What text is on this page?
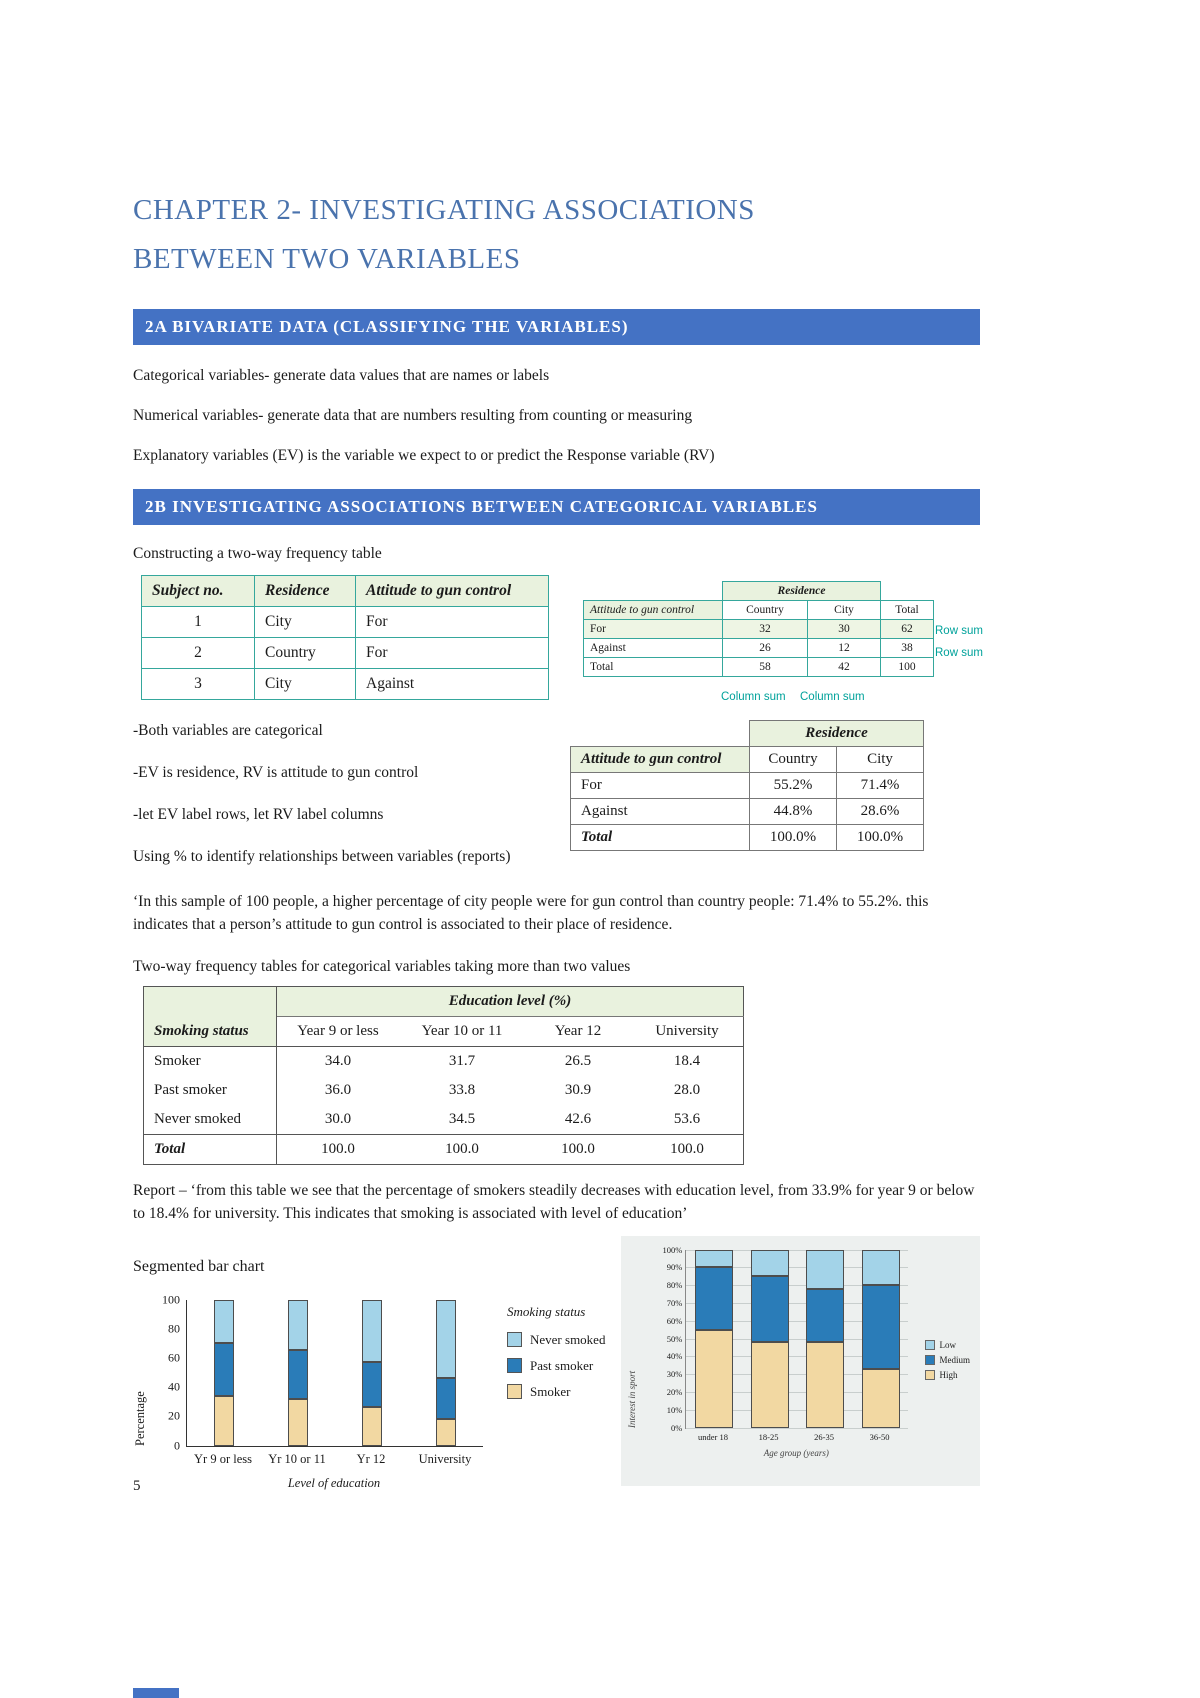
CHAPTER 2- INVESTIGATING ASSOCIATIONS
BETWEEN TWO VARIABLES
2A BIVARIATE DATA (CLASSIFYING THE VARIABLES)

Categorical variables- generate data values that are names or labels

Numerical variables- generate data that are numbers resulting from counting or measuring

Explanatory variables (EV) is the variable we expect to or predict the Response variable (RV)

2B INVESTIGATING ASSOCIATIONS BETWEEN CATEGORICAL VARIABLES

Constructing a two-way frequency table

Subject no.	Residence	Attitude to gun control
1	City	For
2	Country	For
3	City	Against
	Residence		
Attitude to gun control	Country	City	Total
For	32	30	62
Against	26	12	38
Total	58	42	100
Row sum
Row sum
Column sum Column sum

-Both variables are categorical

-EV is residence, RV is attitude to gun control

-let EV label rows, let RV label columns

Using % to identify relationships between variables (reports)

	Residence	
Attitude to gun control	Country	City
For	55.2%	71.4%
Against	44.8%	28.6%
Total	100.0%	100.0%

‘In this sample of 100 people, a higher percentage of city people were for gun control than country people: 71.4% to 55.2%. this indicates that a person’s attitude to gun control is associated to their place of residence.

Two-way frequency tables for categorical variables taking more than two values

Smoking status	Education level (%)			
	Year 9 or less	Year 10 or 11	Year 12	University
Smoker	34.0	31.7	26.5	18.4
Past smoker	36.0	33.8	30.9	28.0
Never smoked	30.0	34.5	42.6	53.6
Total	100.0	100.0	100.0	100.0

Report – ‘from this table we see that the percentage of smokers steadily decreases with education level, from 33.9% for year 9 or below to 18.4% for university. This indicates that smoking is associated with level of education’

Segmented bar chart

Percentage 0
20
40
60
80
100
Yr 9 or less	Yr 10 or 11	Yr 12	University
Level of education
Smoking status
Never smoked
Past smoker
Smoker	Interest in sport	0%
10%
20%
30%
40%
50%
60%
70%
80%
90%
100%
under 18	18-25	26-35	36-50
Age group (years)
Low
Medium
High
5
